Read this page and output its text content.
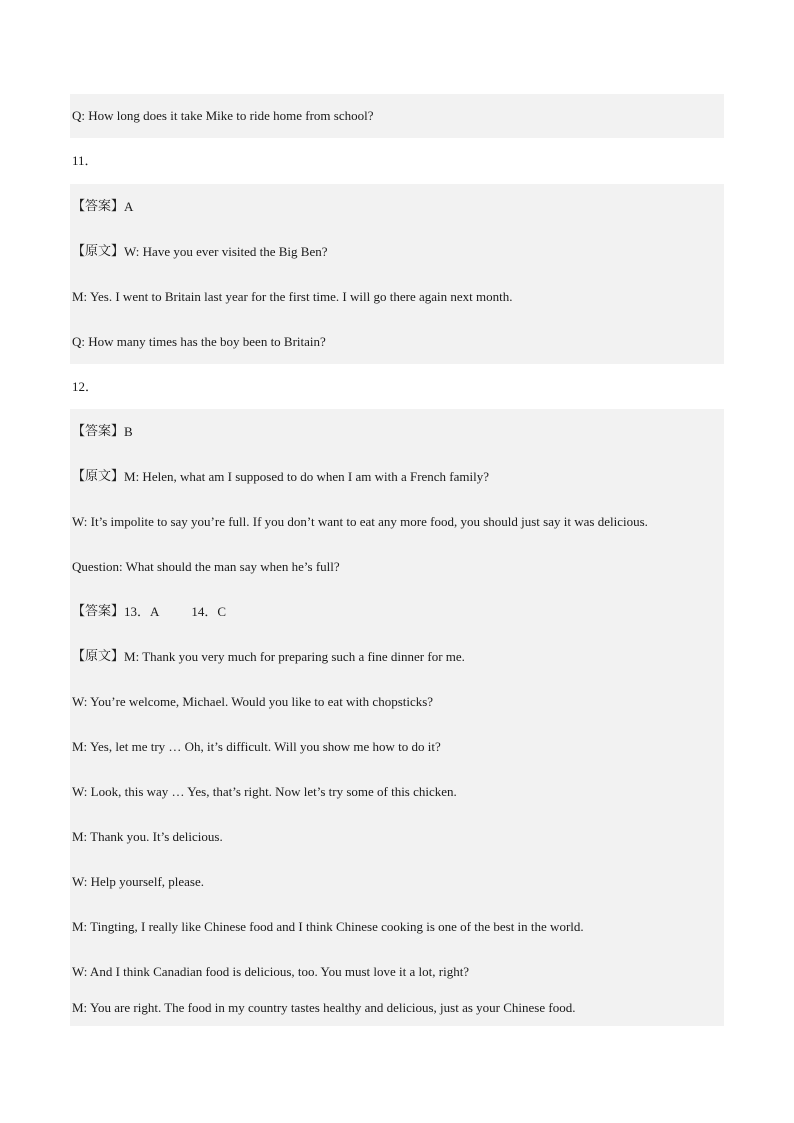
Q: How long does it take Mike to ride home from school?
11．
【答案】 A
【原文】 W: Have you ever visited the Big Ben?
M: Yes. I went to Britain last year for the first time. I will go there again next month.
Q: How many times has the boy been to Britain?
12．
【答案】 B
【原文】 M: Helen, what am I supposed to do when I am with a French family?
W: It’s impolite to say you’re full. If you don’t want to eat any more food, you should just say it was delicious.
Question: What should the man say when he’s full?
【答案】 13．A 14．C
【原文】 M: Thank you very much for preparing such a fine dinner for me.
W: You’re welcome, Michael. Would you like to eat with chopsticks?
M: Yes, let me try … Oh, it’s difficult. Will you show me how to do it?
W: Look, this way … Yes, that’s right. Now let’s try some of this chicken.
M: Thank you. It’s delicious.
W: Help yourself, please.
M: Tingting, I really like Chinese food and I think Chinese cooking is one of the best in the world.
W: And I think Canadian food is delicious, too. You must love it a lot, right?
M: You are right. The food in my country tastes healthy and delicious, just as your Chinese food.
